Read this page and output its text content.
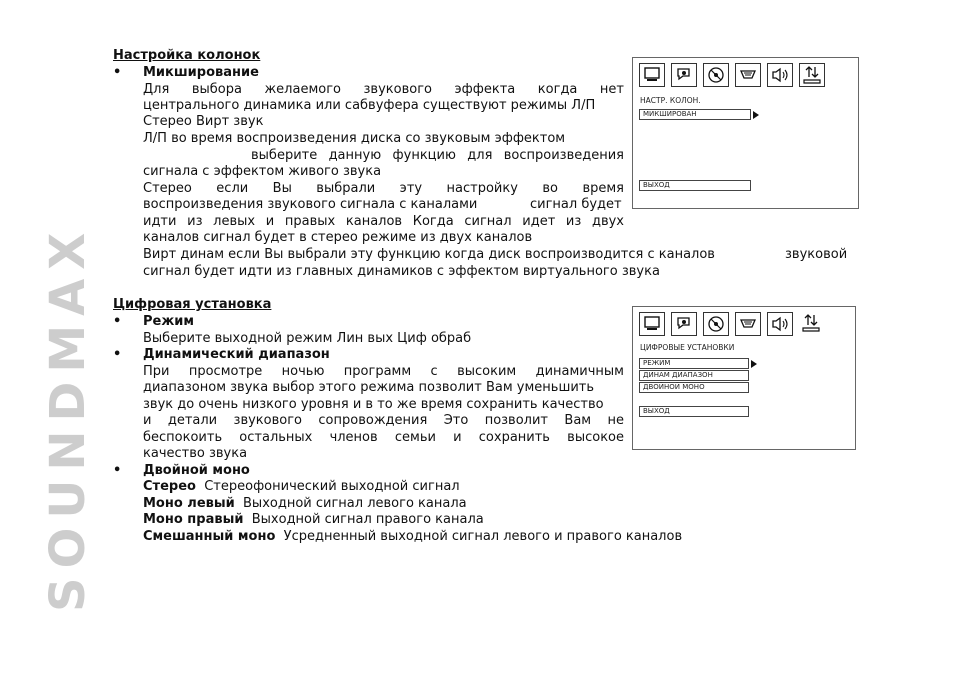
SOUNDMAX
Настройка колонок
• Микширование
Для выбора желаемого звукового эффекта когда нет
центрального динамика или сабвуфера существуют режимы Л/П
Стерео Вирт звук
Л/П во время воспроизведения диска со звуковым эффектом
выберите данную функцию для воспроизведения
сигнала с эффектом живого звука
Стерео если Вы выбрали эту настройку во время
воспроизведения звукового сигнала с каналами	сигнал будет
идти из левых и правых каналов Когда сигнал идет из двух
каналов сигнал будет в стерео режиме из двух каналов
Вирт динам если Вы выбрали эту функцию когда диск воспроизводится с каналов	звуковой
сигнал будет идти из главных динамиков с эффектом виртуального звука
НАСТР. КОЛОН.
МИКШИРОВАН
ВЫХОД
Цифровая установка
• Режим
Выберите выходной режим Лин вых Циф обраб
• Динамический диапазон
При просмотре ночью программ с высоким динамичным
диапазоном звука выбор этого режима позволит Вам уменьшить
звук до очень низкого уровня и в то же время сохранить качество
и детали звукового сопровождения Это позволит Вам не
беспокоить остальных членов семьи и сохранить высокое
качество звука
• Двойной моно
Стерео Стереофонический выходной сигнал
Моно левый Выходной сигнал левого канала
Моно правый Выходной сигнал правого канала
Смешанный моно Усредненный выходной сигнал левого и правого каналов
ЦИФРОВЫЕ УСТАНОВКИ
РЕЖИМ
ДИНАМ ДИАПАЗОН
ДВОЙНОЙ МОНО
ВЫХОД
